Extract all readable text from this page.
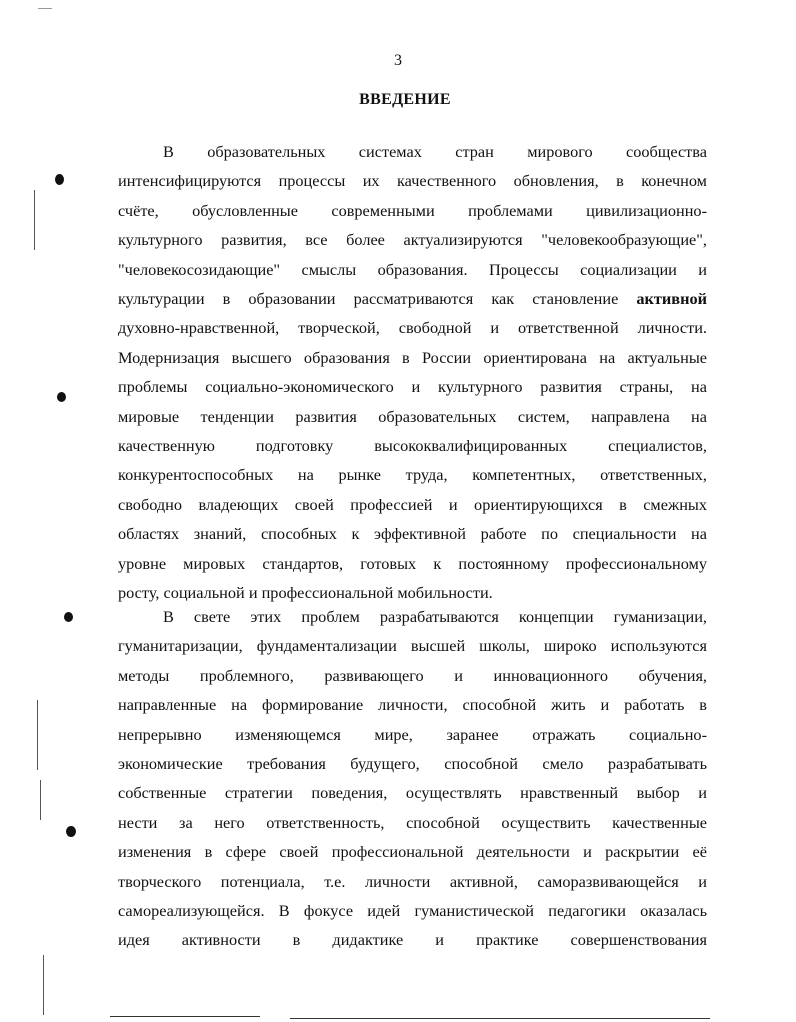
3
ВВЕДЕНИЕ
В образовательных системах стран мирового сообщества
интенсифицируются процессы их качественного обновления, в конечном
счёте, обусловленные современными проблемами цивилизационно-
культурного развития, все более актуализируются "человекообразующие",
"человекосозидающие" смыслы образования. Процессы социализации и
культурации в образовании рассматриваются как становление активной
духовно-нравственной, творческой, свободной и ответственной личности.
Модернизация высшего образования в России ориентирована на актуальные
проблемы социально-экономического и культурного развития страны, на
мировые тенденции развития образовательных систем, направлена на
качественную подготовку высококвалифицированных специалистов,
конкурентоспособных на рынке труда, компетентных, ответственных,
свободно владеющих своей профессией и ориентирующихся в смежных
областях знаний, способных к эффективной работе по специальности на
уровне мировых стандартов, готовых к постоянному профессиональному
росту, социальной и профессиональной мобильности.
В свете этих проблем разрабатываются концепции гуманизации,
гуманитаризации, фундаментализации высшей школы, широко используются
методы проблемного, развивающего и инновационного обучения,
направленные на формирование личности, способной жить и работать в
непрерывно изменяющемся мире, заранее отражать социально-
экономические требования будущего, способной смело разрабатывать
собственные стратегии поведения, осуществлять нравственный выбор и
нести за него ответственность, способной осуществить качественные
изменения в сфере своей профессиональной деятельности и раскрытии её
творческого потенциала, т.е. личности активной, саморазвивающейся и
самореализующейся. В фокусе идей гуманистической педагогики оказалась
идея активности в дидактике и практике совершенствования
